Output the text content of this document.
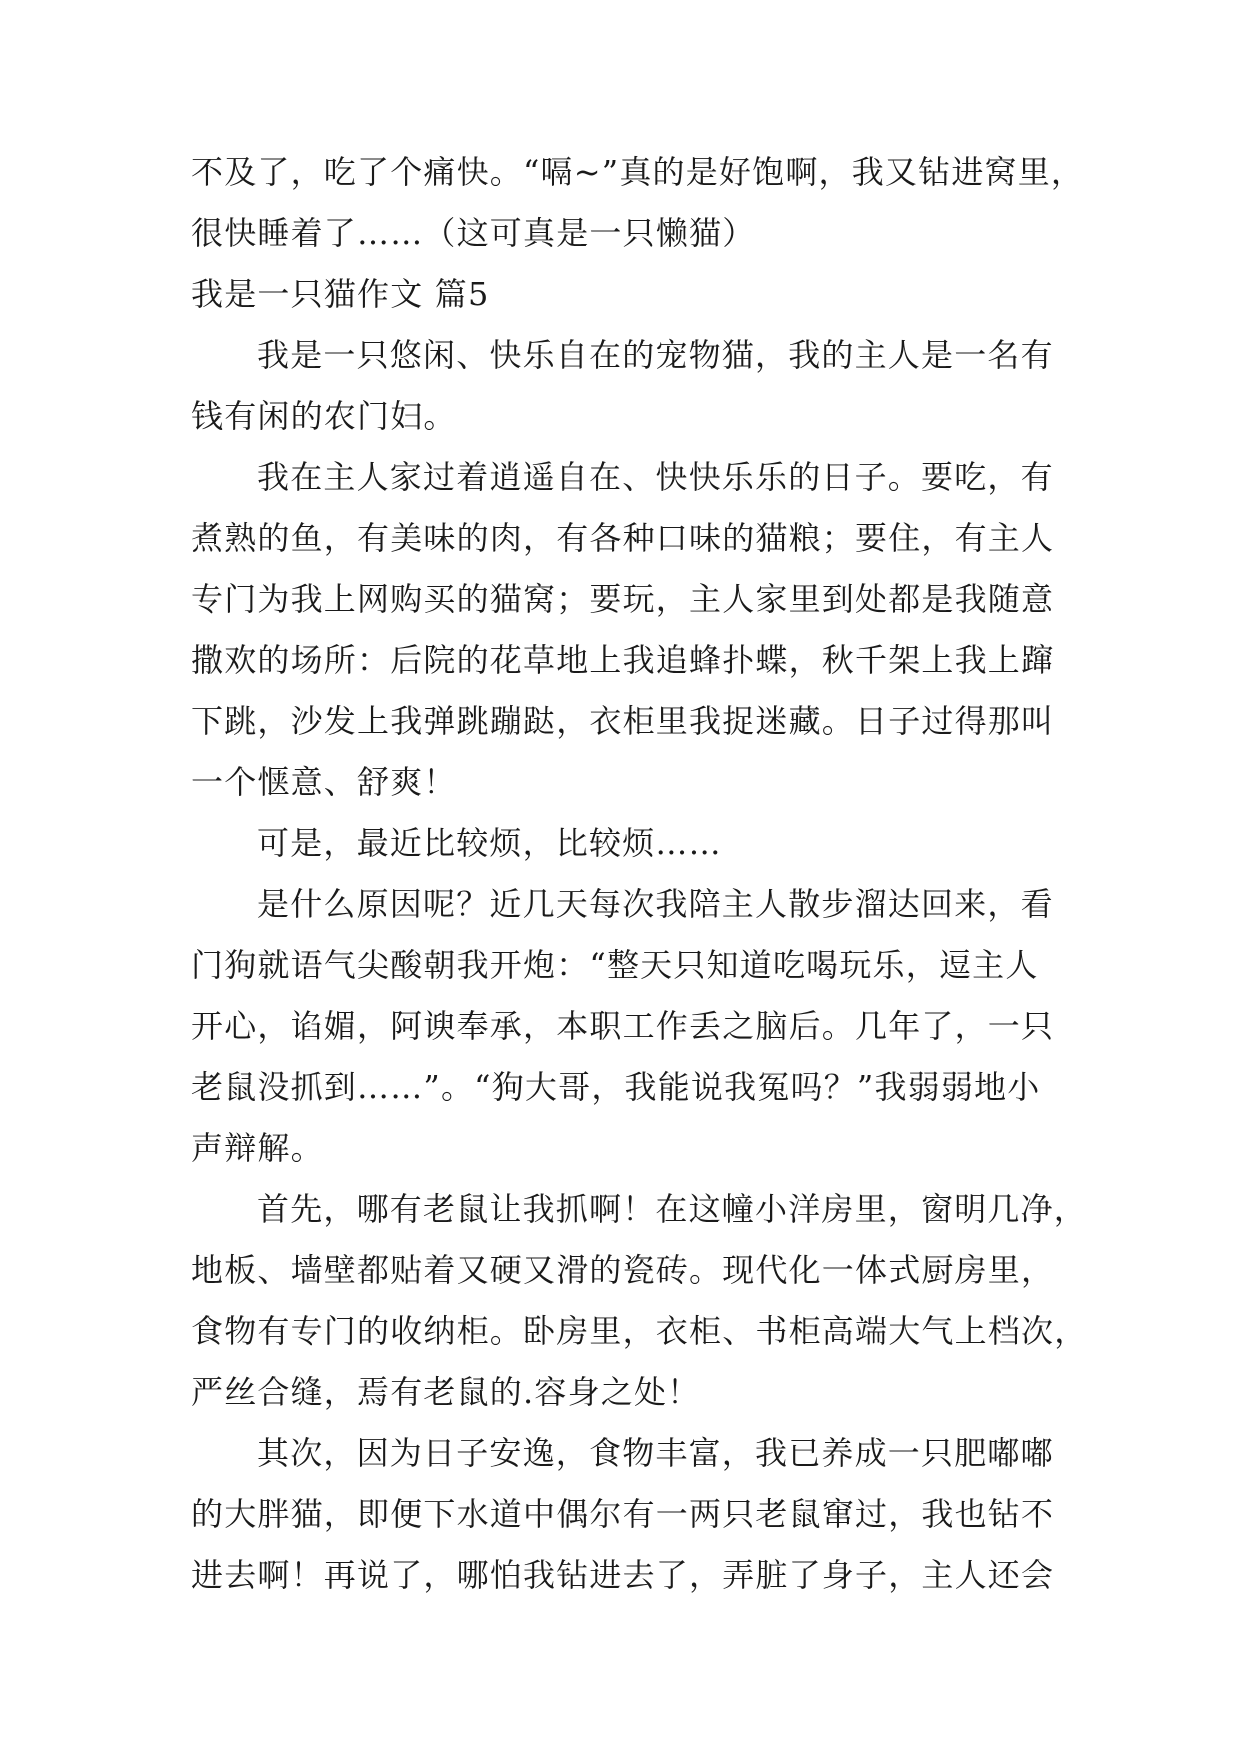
不及了，吃了个痛快。“嗝~”真的是好饱啊，我又钻进窝里，
很快睡着了……（这可真是一只懒猫）
我是一只猫作文 篇5
我是一只悠闲、快乐自在的宠物猫，我的主人是一名有
钱有闲的农门妇。
我在主人家过着逍遥自在、快快乐乐的日子。要吃，有
煮熟的鱼，有美味的肉，有各种口味的猫粮；要住，有主人
专门为我上网购买的猫窝；要玩，主人家里到处都是我随意
撒欢的场所：后院的花草地上我追蜂扑蝶，秋千架上我上蹿
下跳，沙发上我弹跳蹦跶，衣柜里我捉迷藏。日子过得那叫
一个惬意、舒爽！
可是，最近比较烦，比较烦……
是什么原因呢？近几天每次我陪主人散步溜达回来，看
门狗就语气尖酸朝我开炮：“整天只知道吃喝玩乐，逗主人
开心，谄媚，阿谀奉承，本职工作丢之脑后。几年了，一只
老鼠没抓到……”。“狗大哥，我能说我冤吗？”我弱弱地小
声辩解。
首先，哪有老鼠让我抓啊！在这幢小洋房里，窗明几净，
地板、墙壁都贴着又硬又滑的瓷砖。现代化一体式厨房里，
食物有专门的收纳柜。卧房里，衣柜、书柜高端大气上档次，
严丝合缝，焉有老鼠的.容身之处！
其次，因为日子安逸，食物丰富，我已养成一只肥嘟嘟
的大胖猫，即便下水道中偶尔有一两只老鼠窜过，我也钻不
进去啊！再说了，哪怕我钻进去了，弄脏了身子，主人还会
